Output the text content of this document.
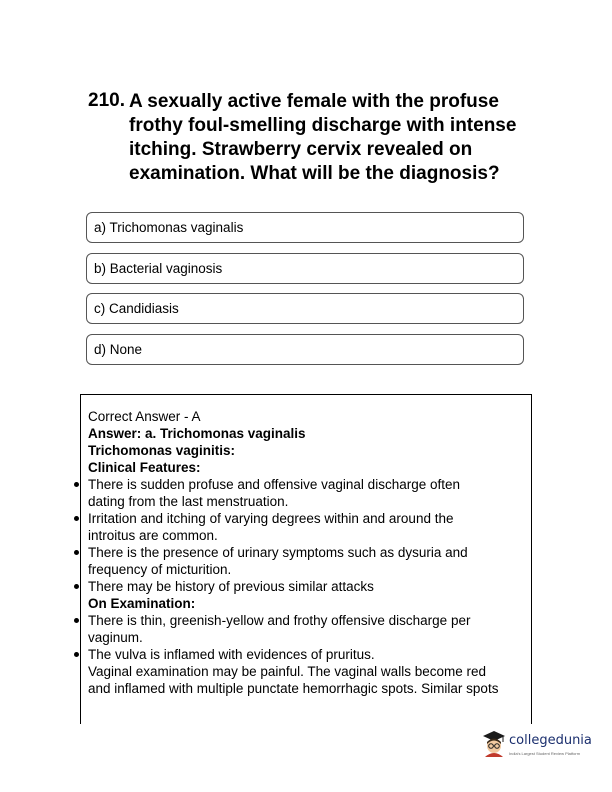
210. A sexually active female with the profuse frothy foul-smelling discharge with intense itching. Strawberry cervix revealed on examination. What will be the diagnosis?
a) Trichomonas vaginalis
b) Bacterial vaginosis
c) Candidiasis
d) None
Correct Answer - A
Answer: a. Trichomonas vaginalis
Trichomonas vaginitis:
Clinical Features:
There is sudden profuse and offensive vaginal discharge often
dating from the last menstruation.
Irritation and itching of varying degrees within and around the
introitus are common.
There is the presence of urinary symptoms such as dysuria and
frequency of micturition.
There may be history of previous similar attacks
On Examination:
There is thin, greenish-yellow and frothy offensive discharge per
vaginum.
The vulva is inflamed with evidences of pruritus.
Vaginal examination may be painful. The vaginal walls become red
and inflamed with multiple punctate hemorrhagic spots. Similar spots
collegedunia
India's Largest Student Review Platform
